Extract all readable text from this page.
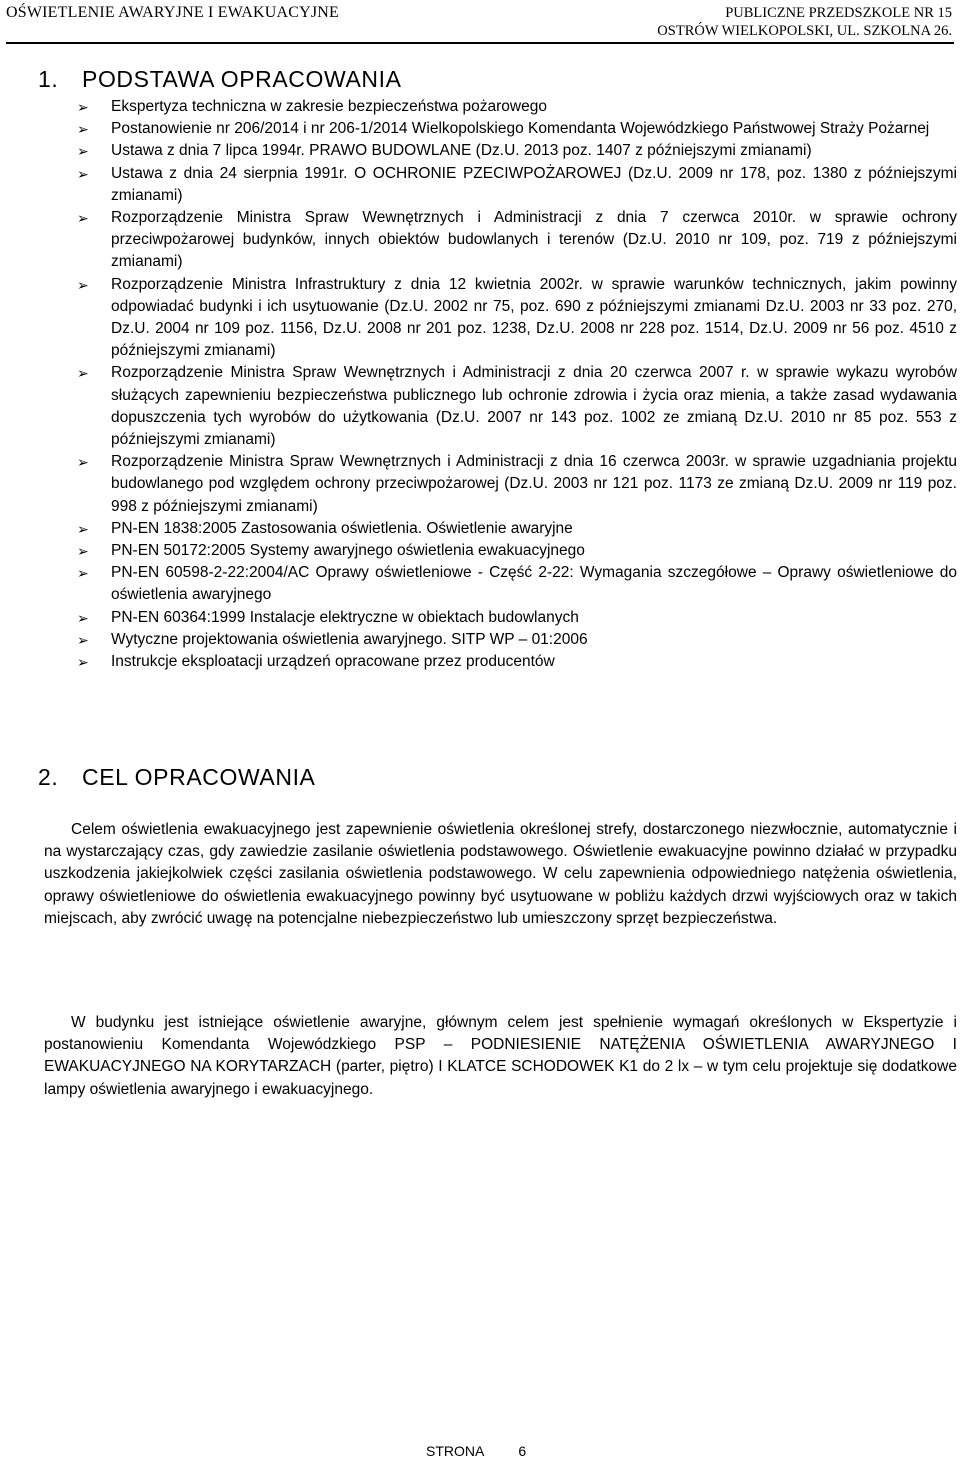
OŚWIETLENIE AWARYJNE I EWAKUACYJNE	PUBLICZNE PRZEDSZKOLE NR 15
OSTRÓW WIELKOPOLSKI, UL. SZKOLNA 26.
1. PODSTAWA OPRACOWANIA
➢	Ekspertyza techniczna w zakresie bezpieczeństwa pożarowego
➢	Postanowienie nr 206/2014 i nr 206-1/2014 Wielkopolskiego Komendanta Wojewódzkiego Państwowej Straży Pożarnej
➢	Ustawa z dnia 7 lipca 1994r. PRAWO BUDOWLANE (Dz.U. 2013 poz. 1407 z późniejszymi zmianami)
➢	Ustawa z dnia 24 sierpnia 1991r. O OCHRONIE PZECIWPOŻAROWEJ (Dz.U. 2009 nr 178, poz. 1380 z późniejszymi zmianami)
➢	Rozporządzenie Ministra Spraw Wewnętrznych i Administracji z dnia 7 czerwca 2010r. w sprawie ochrony przeciwpożarowej budynków, innych obiektów budowlanych i terenów (Dz.U. 2010 nr 109, poz. 719 z późniejszymi zmianami)
➢	Rozporządzenie Ministra Infrastruktury z dnia 12 kwietnia 2002r. w sprawie warunków technicznych, jakim powinny odpowiadać budynki i ich usytuowanie (Dz.U. 2002 nr 75, poz. 690 z późniejszymi zmianami Dz.U. 2003 nr 33 poz. 270, Dz.U. 2004 nr 109 poz. 1156, Dz.U. 2008 nr 201 poz. 1238, Dz.U. 2008 nr 228 poz. 1514, Dz.U. 2009 nr 56 poz. 4510 z późniejszymi zmianami)
➢	Rozporządzenie Ministra Spraw Wewnętrznych i Administracji z dnia 20 czerwca 2007 r. w sprawie wykazu wyrobów służących zapewnieniu bezpieczeństwa publicznego lub ochronie zdrowia i życia oraz mienia, a także zasad wydawania dopuszczenia tych wyrobów do użytkowania (Dz.U. 2007 nr 143 poz. 1002 ze zmianą Dz.U. 2010 nr 85 poz. 553 z późniejszymi zmianami)
➢	Rozporządzenie Ministra Spraw Wewnętrznych i Administracji z dnia 16 czerwca 2003r. w sprawie uzgadniania projektu budowlanego pod względem ochrony przeciwpożarowej (Dz.U. 2003 nr 121 poz. 1173 ze zmianą Dz.U. 2009 nr 119 poz. 998 z późniejszymi zmianami)
➢	PN-EN 1838:2005 Zastosowania oświetlenia. Oświetlenie awaryjne
➢	PN-EN 50172:2005 Systemy awaryjnego oświetlenia ewakuacyjnego
➢	PN-EN 60598-2-22:2004/AC Oprawy oświetleniowe - Część 2-22: Wymagania szczegółowe – Oprawy oświetleniowe do oświetlenia awaryjnego
➢	PN-EN 60364:1999 Instalacje elektryczne w obiektach budowlanych
➢	Wytyczne projektowania oświetlenia awaryjnego. SITP WP – 01:2006
➢	Instrukcje eksploatacji urządzeń opracowane przez producentów
2. CEL OPRACOWANIA

Celem oświetlenia ewakuacyjnego jest zapewnienie oświetlenia określonej strefy, dostarczonego niezwłocznie, automatycznie i na wystarczający czas, gdy zawiedzie zasilanie oświetlenia podstawowego. Oświetlenie ewakuacyjne powinno działać w przypadku uszkodzenia jakiejkolwiek części zasilania oświetlenia podstawowego. W celu zapewnienia odpowiedniego natężenia oświetlenia, oprawy oświetleniowe do oświetlenia ewakuacyjnego powinny być usytuowane w pobliżu każdych drzwi wyjściowych oraz w takich miejscach, aby zwrócić uwagę na potencjalne niebezpieczeństwo lub umieszczony sprzęt bezpieczeństwa.

W budynku jest istniejące oświetlenie awaryjne, głównym celem jest spełnienie wymagań określonych w Ekspertyzie i postanowieniu Komendanta Wojewódzkiego PSP – PODNIESIENIE NATĘŻENIA OŚWIETLENIA AWARYJNEGO I EWAKUACYJNEGO NA KORYTARZACH (parter, piętro) I KLATCE SCHODOWEK K1 do 2 lx – w tym celu projektuje się dodatkowe lampy oświetlenia awaryjnego i ewakuacyjnego.

STRONA 6
